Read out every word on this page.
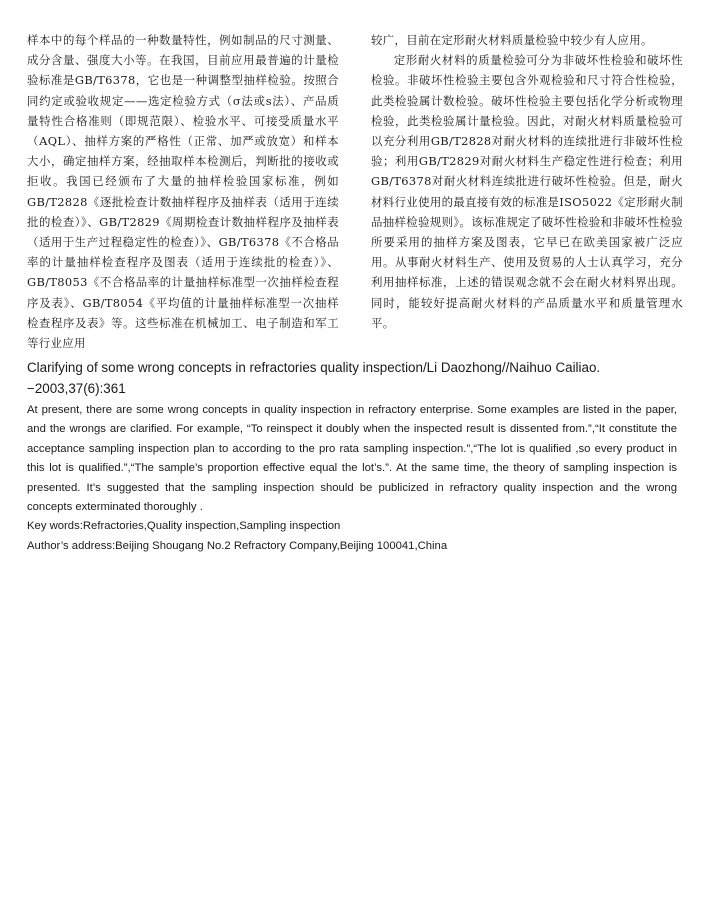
样本中的每个样品的一种数量特性，例如制品的尺寸测量、成分含量、强度大小等。在我国，目前应用最普遍的计量检验标准是GB/T6378，它也是一种调整型抽样检验。按照合同约定或验收规定——选定检验方式（σ法或s法）、产品质量特性合格准则（即规范限）、检验水平、可接受质量水平（AQL）、抽样方案的严格性（正常、加严或放宽）和样本大小，确定抽样方案，经抽取样本检测后，判断批的接收或拒收。我国已经颁布了大量的抽样检验国家标准，例如GB/T2828《逐批检查计数抽样程序及抽样表（适用于连续批的检查）》、GB/T2829《周期检查计数抽样程序及抽样表（适用于生产过程稳定性的检查）》、GB/T6378《不合格品率的计量抽样检查程序及图表（适用于连续批的检查）》、GB/T8053《不合格品率的计量抽样标准型一次抽样检查程序及表》、GB/T8054《平均值的计量抽样标准型一次抽样检查程序及表》等。这些标准在机械加工、电子制造和军工等行业应用

较广，目前在定形耐火材料质量检验中较少有人应用。

定形耐火材料的质量检验可分为非破坏性检验和破坏性检验。非破坏性检验主要包含外观检验和尺寸符合性检验，此类检验属计数检验。破坏性检验主要包括化学分析或物理检验，此类检验属计量检验。因此，对耐火材料质量检验可以充分利用GB/T2828对耐火材料的连续批进行非破坏性检验；利用GB/T2829对耐火材料生产稳定性进行检查；利用GB/T6378对耐火材料连续批进行破坏性检验。但是，耐火材料行业使用的最直接有效的标准是ISO5022《定形耐火制品抽样检验规则》。该标准规定了破坏性检验和非破坏性检验所要采用的抽样方案及图表，它早已在欧美国家被广泛应用。从事耐火材料生产、使用及贸易的人士认真学习，充分利用抽样标准，上述的错误观念就不会在耐火材料界出现。同时，能较好提高耐火材料的产品质量水平和质量管理水平。

Clarifying of some wrong concepts in refractories quality inspection/Li Daozhong//Naihuo Cailiao.

−2003,37(6):361

At present, there are some wrong concepts in quality inspection in refractory enterprise. Some examples are listed in the paper, and the wrongs are clarified. For example, “To reinspect it doubly when the inspected result is dissented from.”,“It constitute the acceptance sampling inspection plan to according to the pro rata sampling inspection.”,“The lot is qualified ,so every product in this lot is qualified.”,“The sample’s proportion effective equal the lot’s.”. At the same time, the theory of sampling inspection is presented. It’s suggested that the sampling inspection should be publicized in refractory quality inspection and the wrong concepts exterminated thoroughly .

Key words:Refractories,Quality inspection,Sampling inspection

Author’s address:Beijing Shougang No.2 Refractory Company,Beijing 100041,China
